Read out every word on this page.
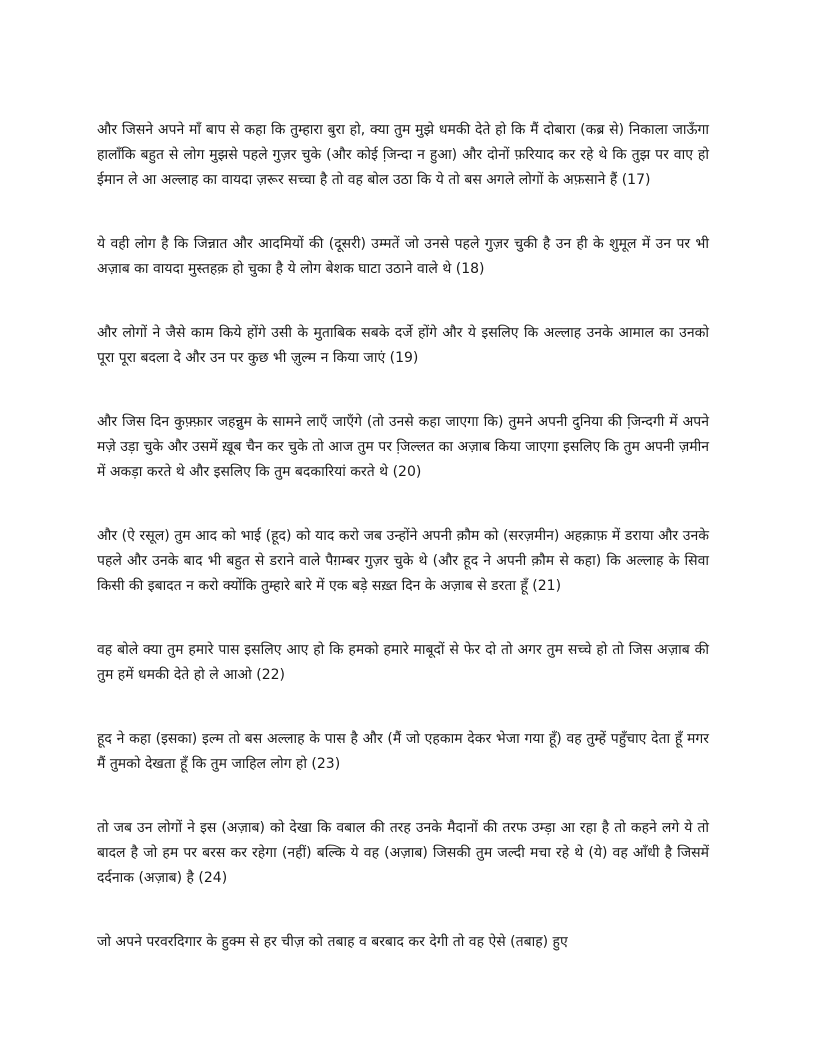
और जिसने अपने माँ बाप से कहा कि तुम्हारा बुरा हो, क्या तुम मुझे धमकी देते हो कि मैं दोबारा (कब्र से) निकाला जाऊँगा हालाँकि बहुत से लोग मुझसे पहले गुज़र चुके (और कोई जि़न्दा न हुआ) और दोनों फ़रियाद कर रहे थे कि तुझ पर वाए हो ईमान ले आ अल्लाह का वायदा ज़रूर सच्चा है तो वह बोल उठा कि ये तो बस अगले लोगों के अफ़साने हैं (17)

ये वही लोग है कि जिन्नात और आदमियों की (दूसरी) उम्मतें जो उनसे पहले गुज़र चुकी है उन ही के शुमूल में उन पर भी अज़ाब का वायदा मुस्तहक़ हो चुका है ये लोग बेशक घाटा उठाने वाले थे (18)

और लोगों ने जैसे काम किये होंगे उसी के मुताबिक सबके दर्जे होंगे और ये इसलिए कि अल्लाह उनके आमाल का उनको पूरा पूरा बदला दे और उन पर कुछ भी ज़ुल्म न किया जाएं (19)

और जिस दिन कुफ़्फ़ार जहन्नुम के सामने लाएँ जाएँगे (तो उनसे कहा जाएगा कि) तुमने अपनी दुनिया की जि़न्दगी में अपने मज़े उड़ा चुके और उसमें ख़ूब चैन कर चुके तो आज तुम पर जि़ल्लत का अज़ाब किया जाएगा इसलिए कि तुम अपनी ज़मीन में अकड़ा करते थे और इसलिए कि तुम बदकारियां करते थे (20)

और (ऐ रसूल) तुम आद को भाई (हूद) को याद करो जब उन्होंने अपनी क़ौम को (सरज़मीन) अहक़ाफ़ में डराया और उनके पहले और उनके बाद भी बहुत से डराने वाले पैग़म्बर गुज़र चुके थे (और हूद ने अपनी क़ौम से कहा) कि अल्लाह के सिवा किसी की इबादत न करो क्योंकि तुम्हारे बारे में एक बड़े सख़्त दिन के अज़ाब से डरता हूँ (21)

वह बोले क्या तुम हमारे पास इसलिए आए हो कि हमको हमारे माबूदों से फेर दो तो अगर तुम सच्चे हो तो जिस अज़ाब की तुम हमें धमकी देते हो ले आओ (22)

हूद ने कहा (इसका) इल्म तो बस अल्लाह के पास है और (मैं जो एहकाम देकर भेजा गया हूँ) वह तुम्हें पहुँचाए देता हूँ मगर मैं तुमको देखता हूँ कि तुम जाहिल लोग हो (23)

तो जब उन लोगों ने इस (अज़ाब) को देखा कि वबाल की तरह उनके मैदानों की तरफ उम्ड़ा आ रहा है तो कहने लगे ये तो बादल है जो हम पर बरस कर रहेगा (नहीं) बल्कि ये वह (अज़ाब) जिसकी तुम जल्दी मचा रहे थे (ये) वह आँधी है जिसमें दर्दनाक (अज़ाब) है (24)

जो अपने परवरदिगार के हुक्म से हर चीज़ को तबाह व बरबाद कर देगी तो वह ऐसे (तबाह) हुए
